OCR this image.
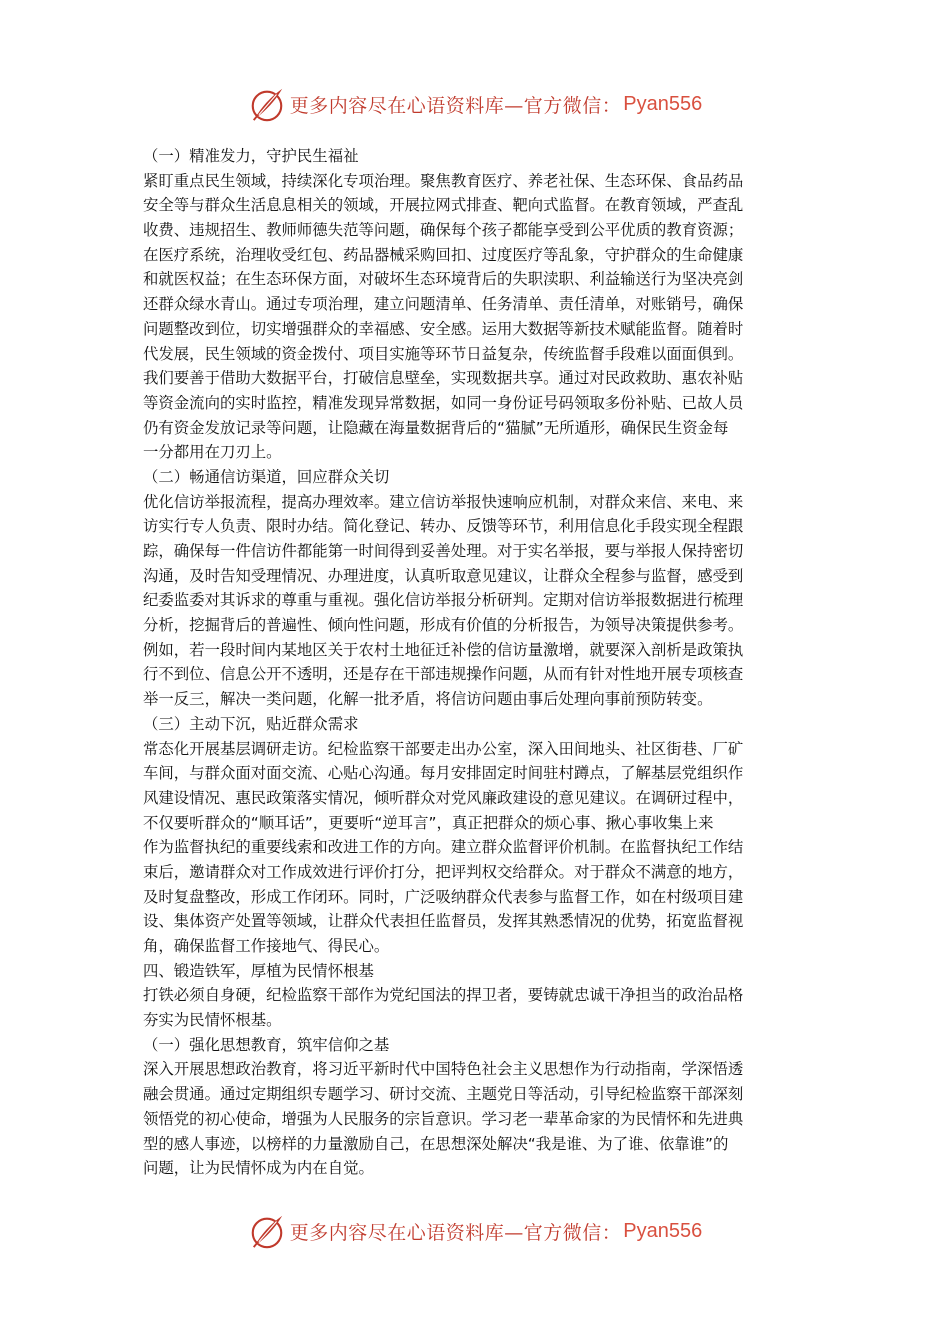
更多内容尽在心语资料库—官方微信： Pyan556
（一）精准发力，守护民生福祉
紧盯重点民生领域，持续深化专项治理。聚焦教育医疗、养老社保、生态环保、食品药品
安全等与群众生活息息相关的领域，开展拉网式排查、靶向式监督。在教育领域，严查乱
收费、违规招生、教师师德失范等问题，确保每个孩子都能享受到公平优质的教育资源；
在医疗系统，治理收受红包、药品器械采购回扣、过度医疗等乱象，守护群众的生命健康
和就医权益；在生态环保方面，对破坏生态环境背后的失职渎职、利益输送行为坚决亮剑
还群众绿水青山。通过专项治理，建立问题清单、任务清单、责任清单，对账销号，确保
问题整改到位，切实增强群众的幸福感、安全感。运用大数据等新技术赋能监督。随着时
代发展，民生领域的资金拨付、项目实施等环节日益复杂，传统监督手段难以面面俱到。
我们要善于借助大数据平台，打破信息壁垒，实现数据共享。通过对民政救助、惠农补贴
等资金流向的实时监控，精准发现异常数据，如同一身份证号码领取多份补贴、已故人员
仍有资金发放记录等问题，让隐藏在海量数据背后的“猫腻”无所遁形，确保民生资金每
一分都用在刀刃上。
（二）畅通信访渠道，回应群众关切
优化信访举报流程，提高办理效率。建立信访举报快速响应机制，对群众来信、来电、来
访实行专人负责、限时办结。简化登记、转办、反馈等环节，利用信息化手段实现全程跟
踪，确保每一件信访件都能第一时间得到妥善处理。对于实名举报，要与举报人保持密切
沟通，及时告知受理情况、办理进度，认真听取意见建议，让群众全程参与监督，感受到
纪委监委对其诉求的尊重与重视。强化信访举报分析研判。定期对信访举报数据进行梳理
分析，挖掘背后的普遍性、倾向性问题，形成有价值的分析报告，为领导决策提供参考。
例如，若一段时间内某地区关于农村土地征迁补偿的信访量激增，就要深入剖析是政策执
行不到位、信息公开不透明，还是存在干部违规操作问题，从而有针对性地开展专项核查
举一反三，解决一类问题，化解一批矛盾，将信访问题由事后处理向事前预防转变。
（三）主动下沉，贴近群众需求
常态化开展基层调研走访。纪检监察干部要走出办公室，深入田间地头、社区街巷、厂矿
车间，与群众面对面交流、心贴心沟通。每月安排固定时间驻村蹲点，了解基层党组织作
风建设情况、惠民政策落实情况，倾听群众对党风廉政建设的意见建议。在调研过程中，
不仅要听群众的“顺耳话”，更要听“逆耳言”，真正把群众的烦心事、揪心事收集上来
作为监督执纪的重要线索和改进工作的方向。建立群众监督评价机制。在监督执纪工作结
束后，邀请群众对工作成效进行评价打分，把评判权交给群众。对于群众不满意的地方，
及时复盘整改，形成工作闭环。同时，广泛吸纳群众代表参与监督工作，如在村级项目建
设、集体资产处置等领域，让群众代表担任监督员，发挥其熟悉情况的优势，拓宽监督视
角，确保监督工作接地气、得民心。
四、锻造铁军，厚植为民情怀根基
打铁必须自身硬，纪检监察干部作为党纪国法的捍卫者，要铸就忠诚干净担当的政治品格
夯实为民情怀根基。
（一）强化思想教育，筑牢信仰之基
深入开展思想政治教育，将习近平新时代中国特色社会主义思想作为行动指南，学深悟透
融会贯通。通过定期组织专题学习、研讨交流、主题党日等活动，引导纪检监察干部深刻
领悟党的初心使命，增强为人民服务的宗旨意识。学习老一辈革命家的为民情怀和先进典
型的感人事迹，以榜样的力量激励自己，在思想深处解决“我是谁、为了谁、依靠谁”的
问题，让为民情怀成为内在自觉。
更多内容尽在心语资料库—官方微信： Pyan556
